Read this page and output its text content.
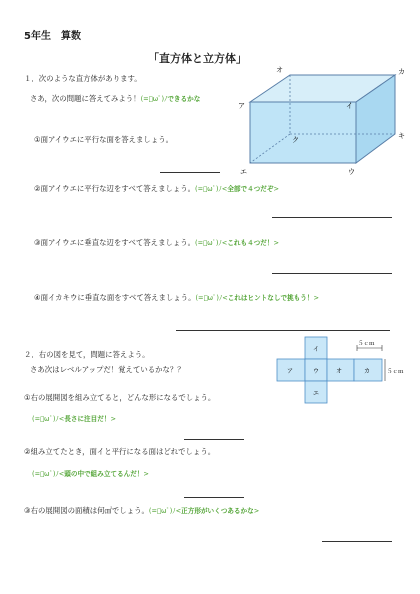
5年生　算数
「直方体と立方体」
１．次のような直方体があります。
さあ，次の問題に答えてみよう！(=ﾟωﾟ)ﾉできるかな
オ	カ
ア	イ
キ
ク
エ	ウ
①面アイウエに平行な面を答えましょう。
②面アイウエに平行な辺をすべて答えましょう。(=ﾟωﾟ)ﾉ<全部で４つだぞ>
③面アイウエに垂直な辺をすべて答えましょう。(=ﾟωﾟ)ﾉ<これも４つだ！>
④面イカキウに垂直な面をすべて答えましょう。(=ﾟωﾟ)ﾉ<これはヒントなしで挑もう！>
２．右の図を見て，問題に答えよう。
さあ次はレベルアップだ！覚えているかな？？
５ｃｍ
５ｃｍ
イ
ア	ウ	オ	カ
エ
①右の展開図を組み立てると，どんな形になるでしょう。
(=ﾟωﾟ)ﾉ<長さに注目だ！>
②組み立てたとき，面イと平行になる面はどれでしょう。
(=ﾟωﾟ)ﾉ<頭の中で組み立てるんだ！>
③右の展開図の面積は何㎠でしょう。(=ﾟωﾟ)ﾉ<正方形がいくつあるかな>
